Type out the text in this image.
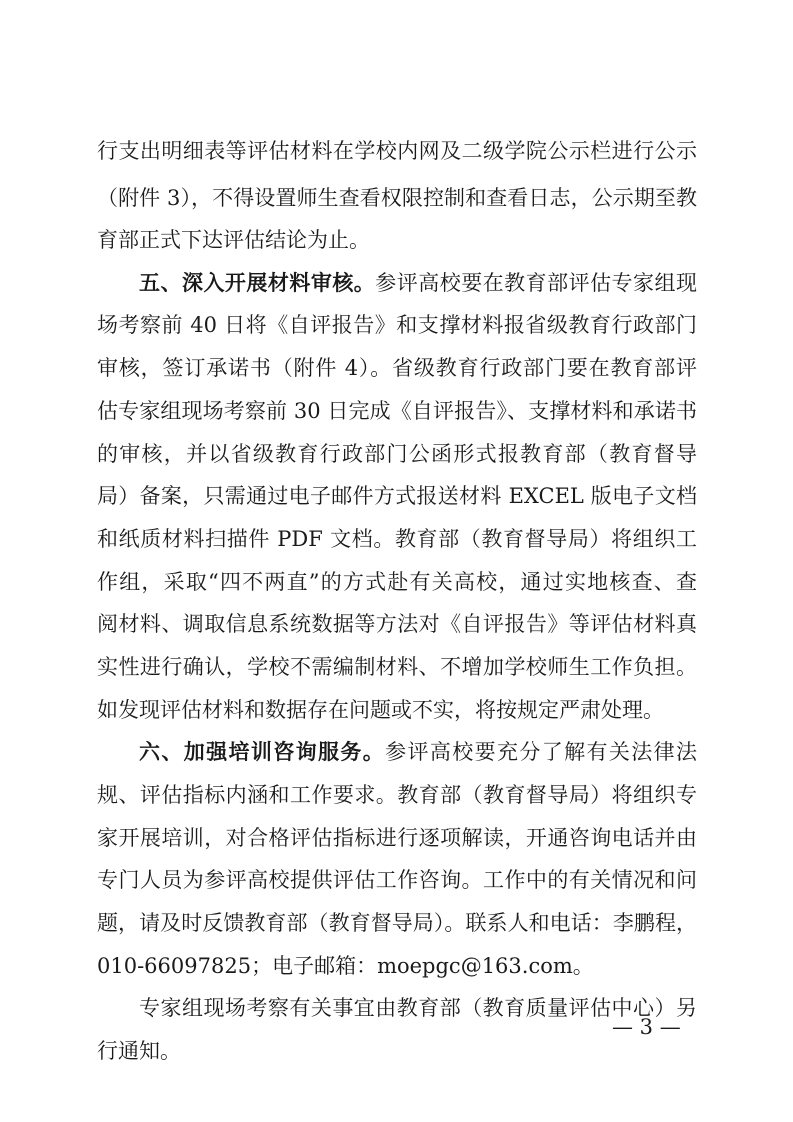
行支出明细表等评估材料在学校内网及二级学院公示栏进行公示
（附件 3），不得设置师生查看权限控制和查看日志，公示期至教
育部正式下达评估结论为止。
五、深入开展材料审核。参评高校要在教育部评估专家组现
场考察前 40 日将《自评报告》和支撑材料报省级教育行政部门
审核，签订承诺书（附件 4）。省级教育行政部门要在教育部评
估专家组现场考察前 30 日完成《自评报告》、支撑材料和承诺书
的审核，并以省级教育行政部门公函形式报教育部（教育督导
局）备案，只需通过电子邮件方式报送材料 EXCEL 版电子文档
和纸质材料扫描件 PDF 文档。教育部（教育督导局）将组织工
作组，采取“四不两直”的方式赴有关高校，通过实地核查、查
阅材料、调取信息系统数据等方法对《自评报告》等评估材料真
实性进行确认，学校不需编制材料、不增加学校师生工作负担。
如发现评估材料和数据存在问题或不实，将按规定严肃处理。
六、加强培训咨询服务。参评高校要充分了解有关法律法
规、评估指标内涵和工作要求。教育部（教育督导局）将组织专
家开展培训，对合格评估指标进行逐项解读，开通咨询电话并由
专门人员为参评高校提供评估工作咨询。工作中的有关情况和问
题，请及时反馈教育部（教育督导局）。联系人和电话：李鹏程，
010-66097825；电子邮箱：moepgc@163.com。
专家组现场考察有关事宜由教育部（教育质量评估中心）另
行通知。
— 3 —
